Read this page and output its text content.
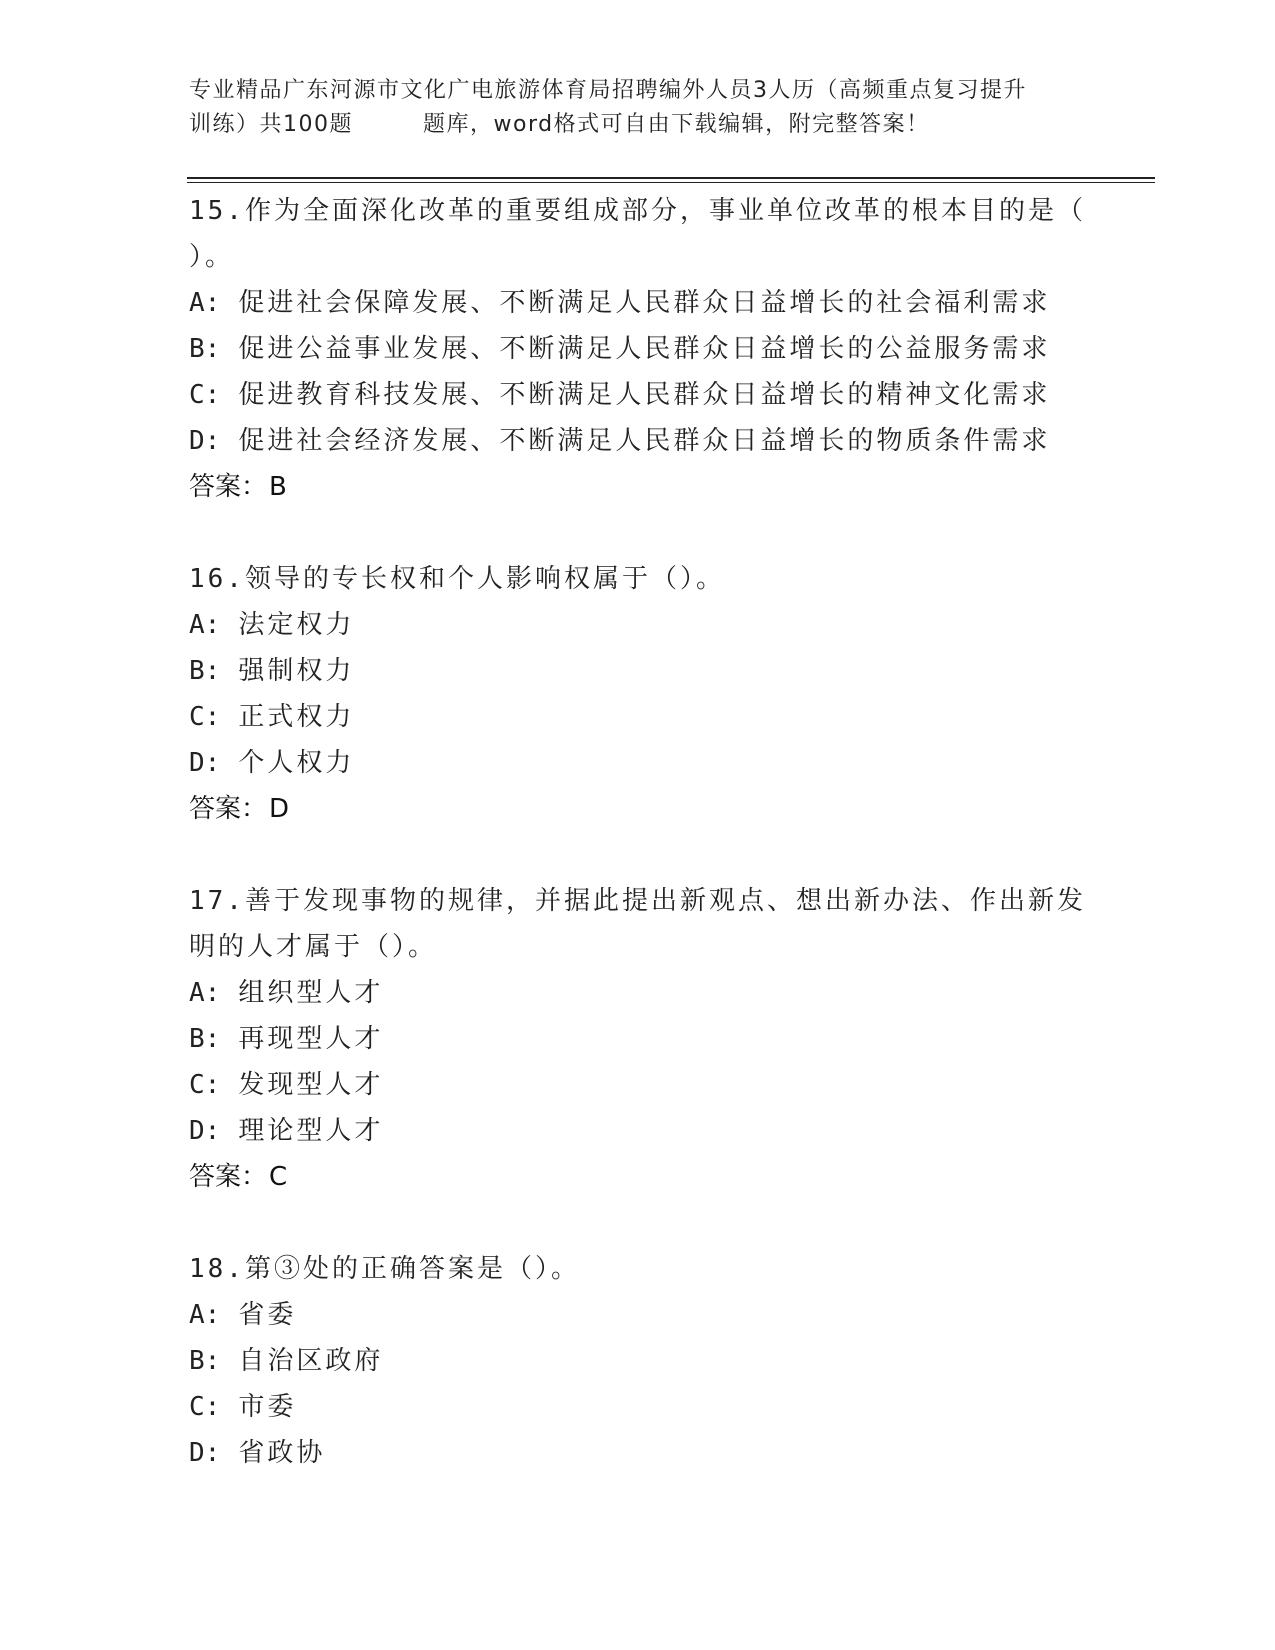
专业精品广东河源市文化广电旅游体育局招聘编外人员3人历（高频重点复习提升
训练）共100题	题库，word格式可自由下载编辑，附完整答案！

15.作为全面深化改革的重要组成部分，事业单位改革的根本目的是（

）。

A: 促进社会保障发展、不断满足人民群众日益增长的社会福利需求

B: 促进公益事业发展、不断满足人民群众日益增长的公益服务需求

C: 促进教育科技发展、不断满足人民群众日益增长的精神文化需求

D: 促进社会经济发展、不断满足人民群众日益增长的物质条件需求

答案：B

16.领导的专长权和个人影响权属于（）。

A: 法定权力

B: 强制权力

C: 正式权力

D: 个人权力

答案：D

17.善于发现事物的规律，并据此提出新观点、想出新办法、作出新发

明的人才属于（）。

A: 组织型人才

B: 再现型人才

C: 发现型人才

D: 理论型人才

答案：C

18.第③处的正确答案是（）。

A: 省委

B: 自治区政府

C: 市委

D: 省政协
